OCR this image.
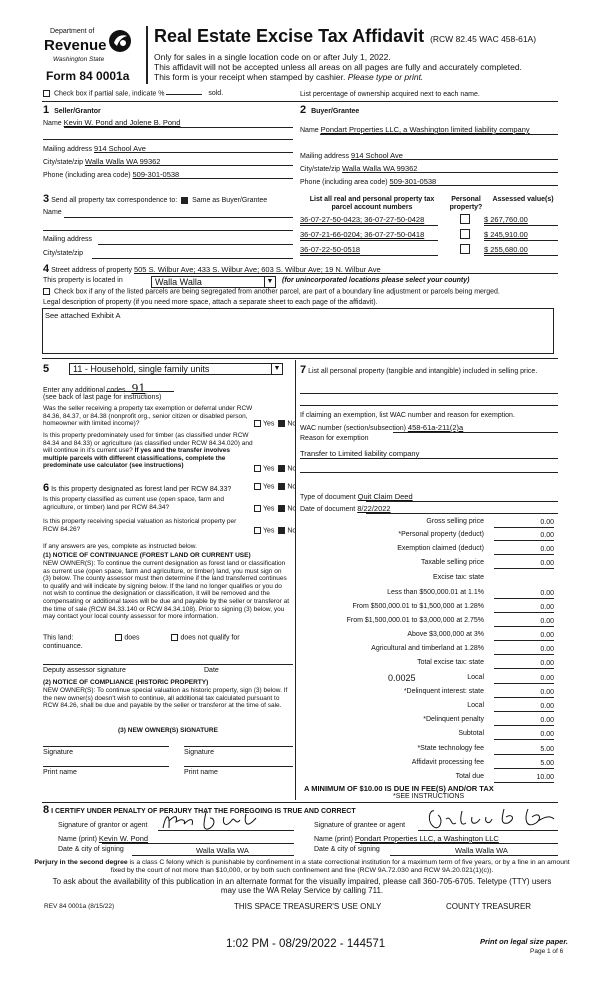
Department of
Revenue
Washington State
Form 84 0001a
Real Estate Excise Tax Affidavit (RCW 82.45 WAC 458-61A)
Only for sales in a single location code on or after July 1, 2022.
This affidavit will not be accepted unless all areas on all pages are fully and accurately completed.
This form is your receipt when stamped by cashier. Please type or print.
Check box if partial sale, indicate %	sold.	List percentage of ownership acquired next to each name.
1 Seller/Grantor
Name Kevin W. Pond and Jolene B. Pond
Mailing address 914 School Ave
City/state/zip Walla Walla WA 99362
Phone (including area code) 509-301-0538
2 Buyer/Grantee
Name Pondart Properties LLC, a Washington limited liability company
Mailing address 914 School Ave
City/state/zip Walla Walla WA 99362
Phone (including area code) 509-301-0538
3 Send all property tax correspondence to: Same as Buyer/Grantee
Name
Mailing address
City/state/zip
List all real and personal property tax parcel account numbers
Personal property?
Assessed value(s)
36-07-27-50-0423; 36-07-27-50-0428	$ 267,760.00
36-07-21-66-0204; 36-07-27-50-0418	$ 245,910.00
36-07-22-50-0518	$ 255,680.00
4 Street address of property 505 S. Wilbur Ave; 433 S. Wilbur Ave; 603 S. Wilbur Ave; 19 N. Wilbur Ave
This property is located in	Walla Walla	▼ (for unincorporated locations please select your county)
Check box if any of the listed parcels are being segregated from another parcel, are part of a boundary line adjustment or parcels being merged.
Legal description of property (if you need more space, attach a separate sheet to each page of the affidavit).
See attached Exhibit A
5	11 - Household, single family units	▼
Enter any additional codes 91
(see back of last page for instructions)
Was the seller receiving a property tax exemption or deferral under RCW 84.36, 84.37, or 84.38 (nonprofit org., senior citizen or disabled person, homeowner with limited income)?	Yes No
Is this property predominately used for timber (as classified under RCW 84.34 and 84.33) or agriculture (as classified under RCW 84.34.020) and will continue in it's current use? If yes and the transfer involves multiple parcels with different classifications, complete the predominate use calculator (see instructions)	Yes No
6 Is this property designated as forest land per RCW 84.33?	Yes No
Is this property classified as current use (open space, farm and agriculture, or timber) land per RCW 84.34?	Yes No
Is this property receiving special valuation as historical property per RCW 84.26?	Yes No
If any answers are yes, complete as instructed below.
(1) NOTICE OF CONTINUANCE (FOREST LAND OR CURRENT USE)
NEW OWNER(S): To continue the current designation as forest land or classification as current use (open space, farm and agriculture, or timber) land, you must sign on (3) below. The county assessor must then determine if the land transferred continues to qualify and will indicate by signing below. If the land no longer qualifies or you do not wish to continue the designation or classification, it will be removed and the compensating or additional taxes will be due and payable by the seller or transferor at the time of sale (RCW 84.33.140 or RCW 84.34.108). Prior to signing (3) below, you may contact your local county assessor for more information.
This land:	does	does not qualify for
continuance.
Deputy assessor signature	Date
(2) NOTICE OF COMPLIANCE (HISTORIC PROPERTY)
NEW OWNER(S): To continue special valuation as historic property, sign (3) below. If the new owner(s) doesn't wish to continue, all additional tax calculated pursuant to RCW 84.26, shall be due and payable by the seller or transferor at the time of sale.
(3) NEW OWNER(S) SIGNATURE
Signature	Signature
Print name	Print name
7 List all personal property (tangible and intangible) included in selling price.
If claiming an exemption, list WAC number and reason for exemption.
WAC number (section/subsection) 458-61a-211(2)a
Reason for exemption
Transfer to Limited liability company
Type of document Quit Claim Deed
Date of document 8/22/2022
Gross selling price	0.00
*Personal property (deduct)	0.00
Exemption claimed (deduct)	0.00
Taxable selling price	0.00
Excise tax: state
Less than $500,000.01 at 1.1%	0.00
From $500,000.01 to $1,500,000 at 1.28%	0.00
From $1,500,000.01 to $3,000,000 at 2.75%	0.00
Above $3,000,000 at 3%	0.00
Agricultural and timberland at 1.28%	0.00
Total excise tax: state	0.00
0.0025	Local	0.00
*Delinquent interest: state	0.00
Local	0.00
*Delinquent penalty	0.00
Subtotal	0.00
*State technology fee	5.00
Affidavit processing fee	5.00
Total due	10.00
A MINIMUM OF $10.00 IS DUE IN FEE(S) AND/OR TAX
*SEE INSTRUCTIONS
8 I CERTIFY UNDER PENALTY OF PERJURY THAT THE FOREGOING IS TRUE AND CORRECT
Signature of grantor or agent
Name (print) Kevin W. Pond
Date & city of signing	Walla Walla WA
Signature of grantee or agent
Name (print) Pondart Properties LLC, a Washington LLC
Date & city of signing	Walla Walla WA
Perjury in the second degree is a class C felony which is punishable by confinement in a state correctional institution for a maximum term of five years, or by a fine in an amount fixed by the court of not more than $10,000, or by both such confinement and fine (RCW 9A.72.030 and RCW 9A.20.021(1)(c)).
To ask about the availability of this publication in an alternate format for the visually impaired, please call 360-705-6705. Teletype (TTY) users may use the WA Relay Service by calling 711.
REV 84 0001a (8/15/22)	THIS SPACE TREASURER'S USE ONLY	COUNTY TREASURER
1:02 PM - 08/29/2022 - 144571	Print on legal size paper.
Page 1 of 6
